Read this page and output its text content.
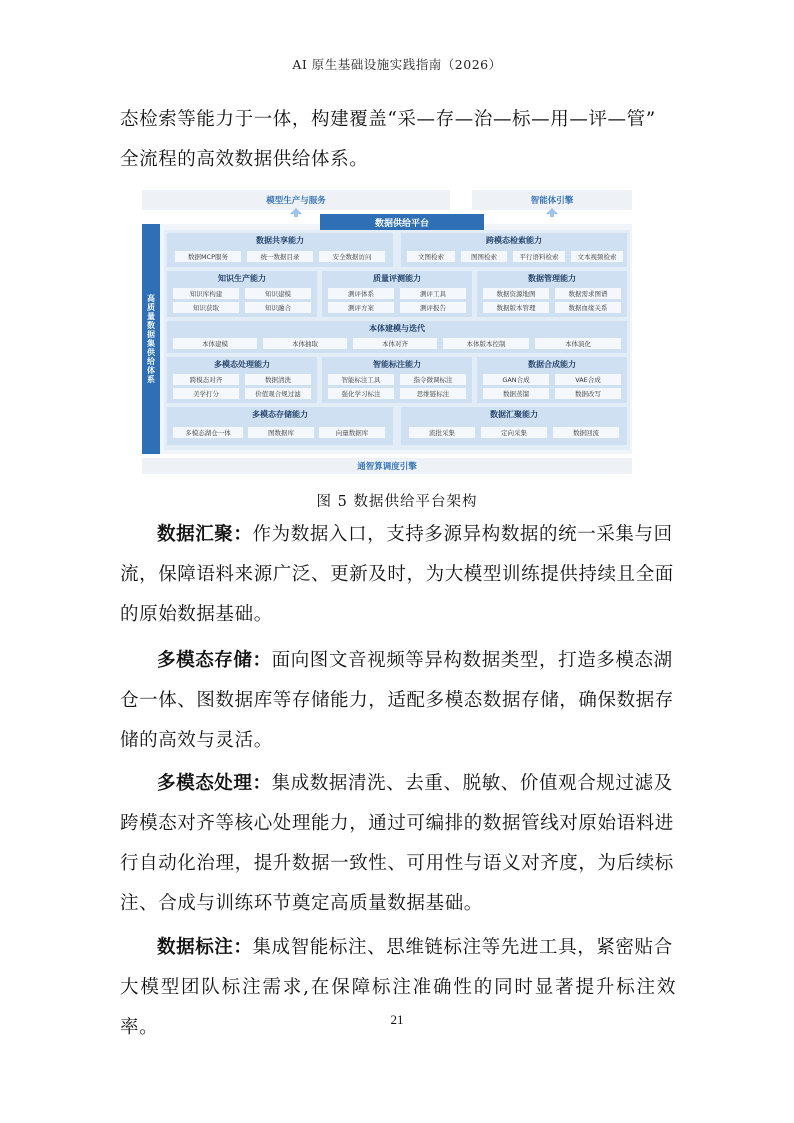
AI 原生基础设施实践指南（2026）
态检索等能力于一体，构建覆盖“采—存—治—标—用—评—管”
全流程的高效数据供给体系。
模型生产与服务	智能体引擎
数据供给平台
高质量数据集供给体系
数据共享能力
数据MCP服务	统一数据目录	安全数据访问
跨模态检索能力
文图检索	图图检索	平行语料检索	文本视频检索
知识生产能力
知识库构建	知识建模
知识获取	知识融合
质量评测能力
测评体系	测评工具
测评方案	测评报告
数据管理能力
数据资源地图	数据需求图谱
数据版本管理	数据血缘关系
本体建模与迭代
本体建模	本体抽取	本体对齐	本体版本控制	本体演化
多模态处理能力
跨模态对齐	数据清洗
美学打分	价值观合规过滤
智能标注能力
智能标注工具	指令微调标注
强化学习标注	思维链标注
数据合成能力
GAN合成	VAE合成
数据蒸馏	数据改写
多模态存储能力
多模态湖仓一体	图数据库	向量数据库
数据汇聚能力
流批采集	定向采集	数据回流
通智算调度引擎
图 5 数据供给平台架构
数据汇聚：作为数据入口，支持多源异构数据的统一采集与回
流，保障语料来源广泛、更新及时，为大模型训练提供持续且全面
的原始数据基础。
多模态存储：面向图文音视频等异构数据类型，打造多模态湖
仓一体、图数据库等存储能力，适配多模态数据存储，确保数据存
储的高效与灵活。
多模态处理：集成数据清洗、去重、脱敏、价值观合规过滤及
跨模态对齐等核心处理能力，通过可编排的数据管线对原始语料进
行自动化治理，提升数据一致性、可用性与语义对齐度，为后续标
注、合成与训练环节奠定高质量数据基础。
数据标注：集成智能标注、思维链标注等先进工具，紧密贴合
大模型团队标注需求,在保障标注准确性的同时显著提升标注效率。	21
